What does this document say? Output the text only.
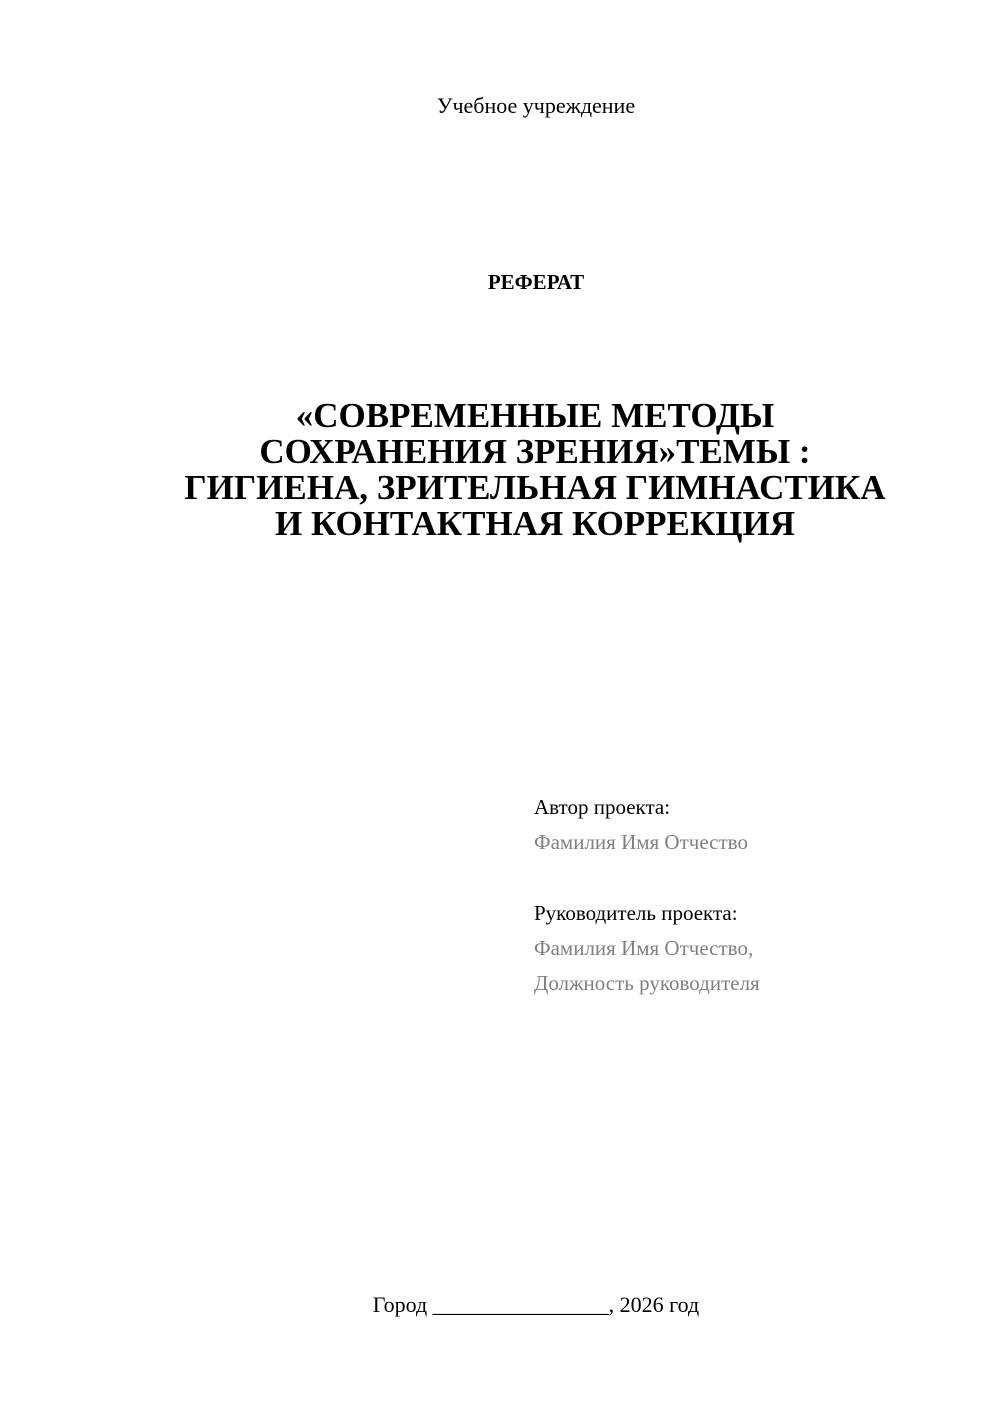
Учебное учреждение
РЕФЕРАТ
«СОВРЕМЕННЫЕ МЕТОДЫ
СОХРАНЕНИЯ ЗРЕНИЯ»ТЕМЫ :
ГИГИЕНА, ЗРИТЕЛЬНАЯ ГИМНАСТИКА
И КОНТАКТНАЯ КОРРЕКЦИЯ
Автор проекта:
Фамилия Имя Отчество
Руководитель проекта:
Фамилия Имя Отчество,
Должность руководителя
Город ________________, 2026 год
